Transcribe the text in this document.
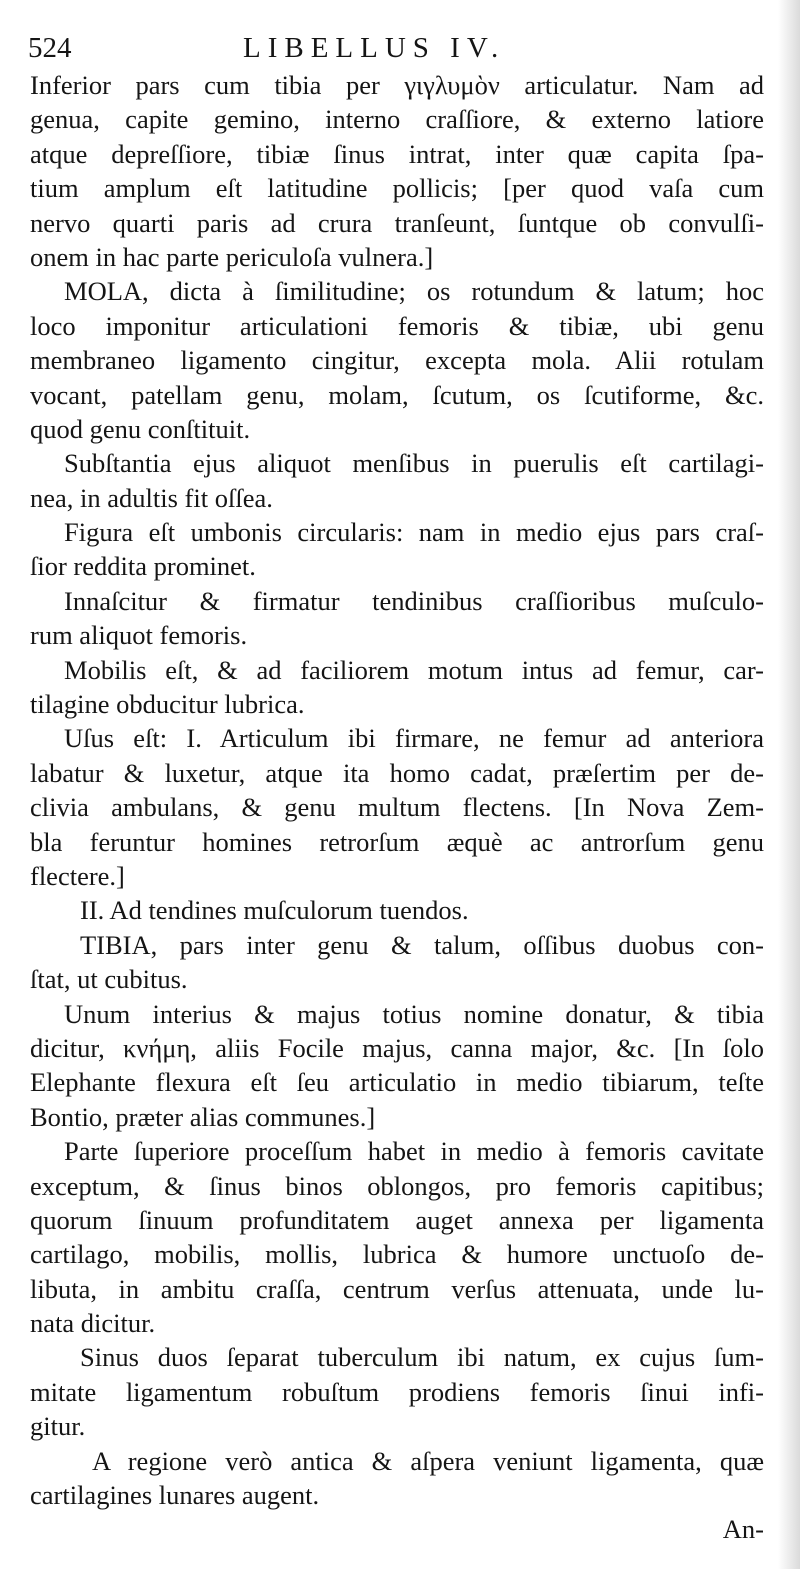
524	LIBELLUS IV.
Inferior pars cum tibia per γιγλυμὸν articulatur. Nam ad
genua, capite gemino, interno craſſiore, & externo latiore
atque depreſſiore, tibiæ ſinus intrat, inter quæ capita ſpa-
tium amplum eſt latitudine pollicis; [per quod vaſa cum
nervo quarti paris ad crura tranſeunt, ſuntque ob convulſi-
onem in hac parte periculoſa vulnera.]
MOLA, dicta à ſimilitudine; os rotundum & latum; hoc
loco imponitur articulationi femoris & tibiæ, ubi genu
membraneo ligamento cingitur, excepta mola. Alii rotulam
vocant, patellam genu, molam, ſcutum, os ſcutiforme, &c.
quod genu conſtituit.
Subſtantia ejus aliquot menſibus in puerulis eſt cartilagi-
nea, in adultis fit oſſea.
Figura eſt umbonis circularis: nam in medio ejus pars craſ-
ſior reddita prominet.
Innaſcitur & firmatur tendinibus craſſioribus muſculo-
rum aliquot femoris.
Mobilis eſt, & ad faciliorem motum intus ad femur, car-
tilagine obducitur lubrica.
Uſus eſt: I. Articulum ibi firmare, ne femur ad anteriora
labatur & luxetur, atque ita homo cadat, præſertim per de-
clivia ambulans, & genu multum flectens. [In Nova Zem-
bla feruntur homines retrorſum æquè ac antrorſum genu
flectere.]
II. Ad tendines muſculorum tuendos.
TIBIA, pars inter genu & talum, oſſibus duobus con-
ſtat, ut cubitus.
Unum interius & majus totius nomine donatur, & tibia
dicitur, κνήμη, aliis Focile majus, canna major, &c. [In ſolo
Elephante flexura eſt ſeu articulatio in medio tibiarum, teſte
Bontio, præter alias communes.]
Parte ſuperiore proceſſum habet in medio à femoris cavitate
exceptum, & ſinus binos oblongos, pro femoris capitibus;
quorum ſinuum profunditatem auget annexa per ligamenta
cartilago, mobilis, mollis, lubrica & humore unctuoſo de-
libuta, in ambitu craſſa, centrum verſus attenuata, unde lu-
nata dicitur.
Sinus duos ſeparat tuberculum ibi natum, ex cujus ſum-
mitate ligamentum robuſtum prodiens femoris ſinui infi-
gitur.
A regione verò antica & aſpera veniunt ligamenta, quæ
cartilagines lunares augent.
An-
